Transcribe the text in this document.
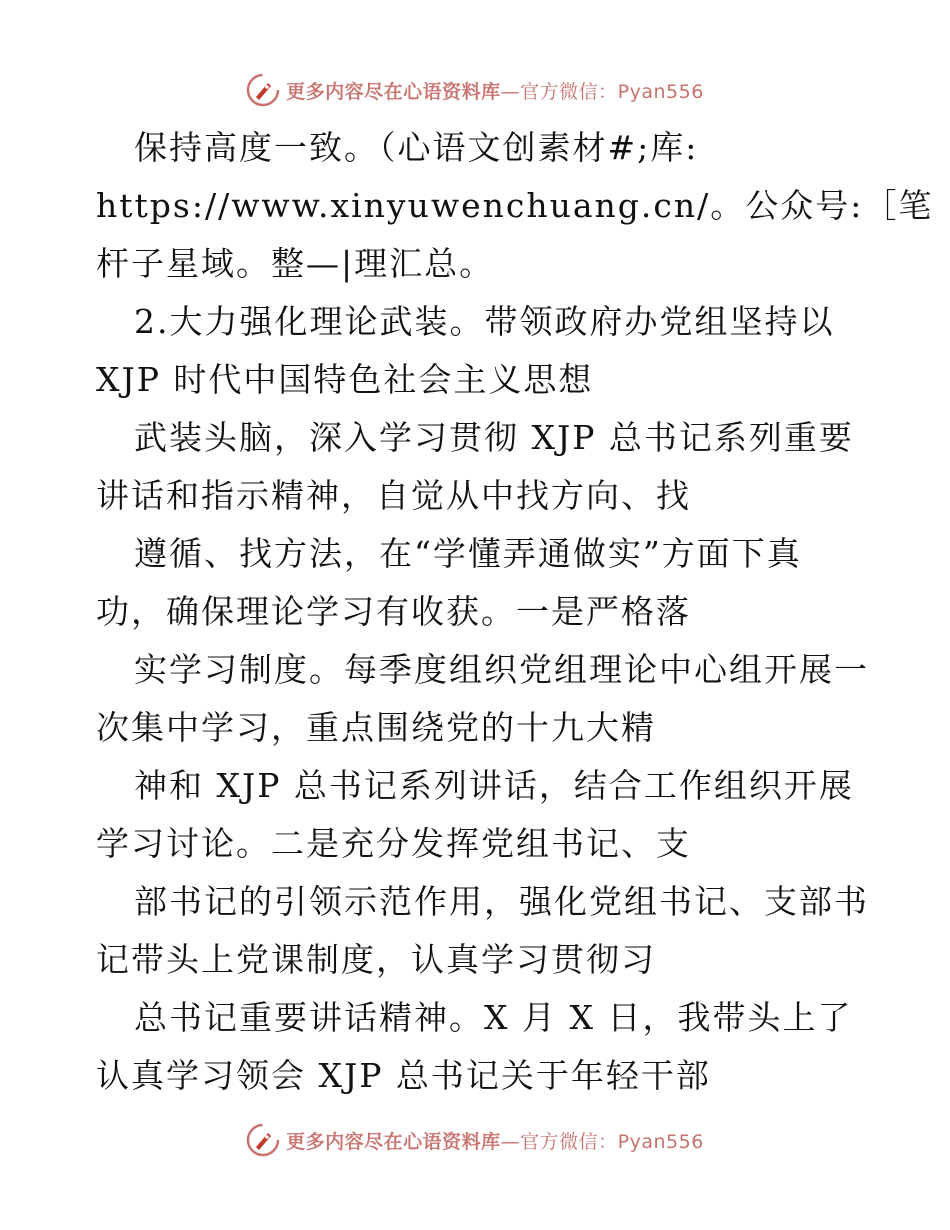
更多内容尽在心语资料库—官方微信：Pyan556
保持高度一致。（心语文创素材#;库:
https://www.xinyuwenchuang.cn/。公众号:［笔
杆子星域。整—|理汇总。
2.大力强化理论武装。带领政府办党组坚持以
XJP 时代中国特色社会主义思想
武装头脑，深入学习贯彻 XJP 总书记系列重要
讲话和指示精神，自觉从中找方向、找
遵循、找方法，在“学懂弄通做实”方面下真
功，确保理论学习有收获。一是严格落
实学习制度。每季度组织党组理论中心组开展一
次集中学习，重点围绕党的十九大精
神和 XJP 总书记系列讲话，结合工作组织开展
学习讨论。二是充分发挥党组书记、支
部书记的引领示范作用，强化党组书记、支部书
记带头上党课制度，认真学习贯彻习
总书记重要讲话精神。X 月 X 日，我带头上了
认真学习领会 XJP 总书记关于年轻干部
更多内容尽在心语资料库—官方微信：Pyan556
